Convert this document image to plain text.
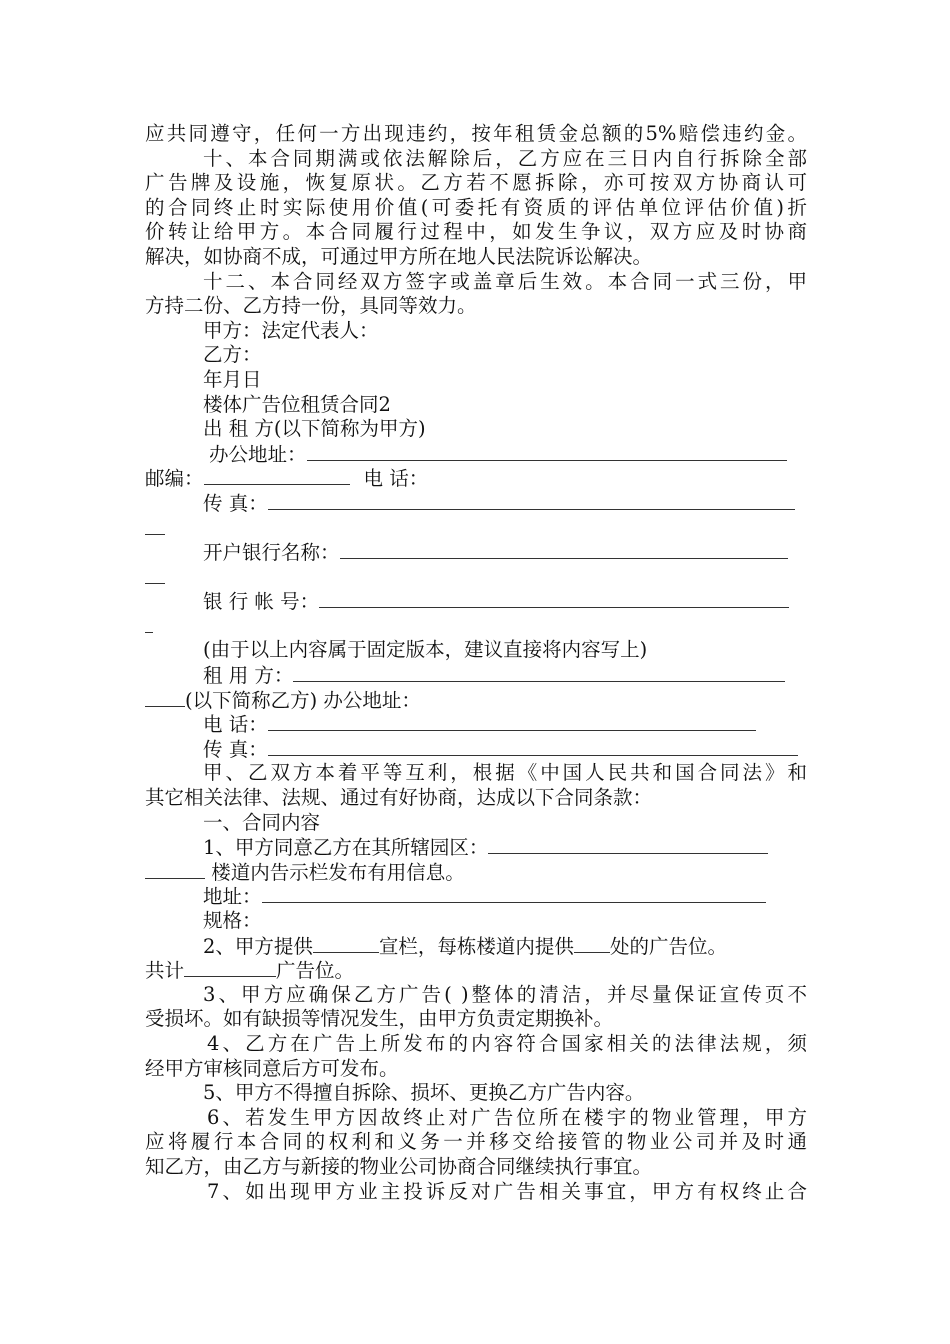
应共同遵守，任何一方出现违约，按年租赁金总额的5%赔偿违约金。
十、本合同期满或依法解除后，乙方应在三日内自行拆除全部
广告牌及设施，恢复原状。乙方若不愿拆除，亦可按双方协商认可
的合同终止时实际使用价值(可委托有资质的评估单位评估价值)折
价转让给甲方。本合同履行过程中，如发生争议，双方应及时协商
解决，如协商不成，可通过甲方所在地人民法院诉讼解决。
十二、本合同经双方签字或盖章后生效。本合同一式三份，甲
方持二份、乙方持一份，具同等效力。
甲方：法定代表人：
乙方：
年月日
楼体广告位租赁合同2
出 租 方(以下简称为甲方)
办公地址：
邮编：	电 话：
传 真：
开户银行名称：
银 行 帐 号：
(由于以上内容属于固定版本，建议直接将内容写上)
租 用 方：
(以下简称乙方) 办公地址：
电 话：
传 真：
甲、乙双方本着平等互利，根据《中国人民共和国合同法》和
其它相关法律、法规、通过有好协商，达成以下合同条款：
一、合同内容
1、甲方同意乙方在其所辖园区：
楼道内告示栏发布有用信息。
地址：
规格：
2、甲方提供	宣栏，每栋楼道内提供 处的广告位。
共计	广告位。
3、甲方应确保乙方广告( )整体的清洁，并尽量保证宣传页不
受损坏。如有缺损等情况发生，由甲方负责定期换补。
4、乙方在广告上所发布的内容符合国家相关的法律法规，须
经甲方审核同意后方可发布。
5、甲方不得擅自拆除、损坏、更换乙方广告内容。
6、若发生甲方因故终止对广告位所在楼宇的物业管理，甲方
应将履行本合同的权利和义务一并移交给接管的物业公司并及时通
知乙方，由乙方与新接的物业公司协商合同继续执行事宜。
7、如出现甲方业主投诉反对广告相关事宜，甲方有权终止合
